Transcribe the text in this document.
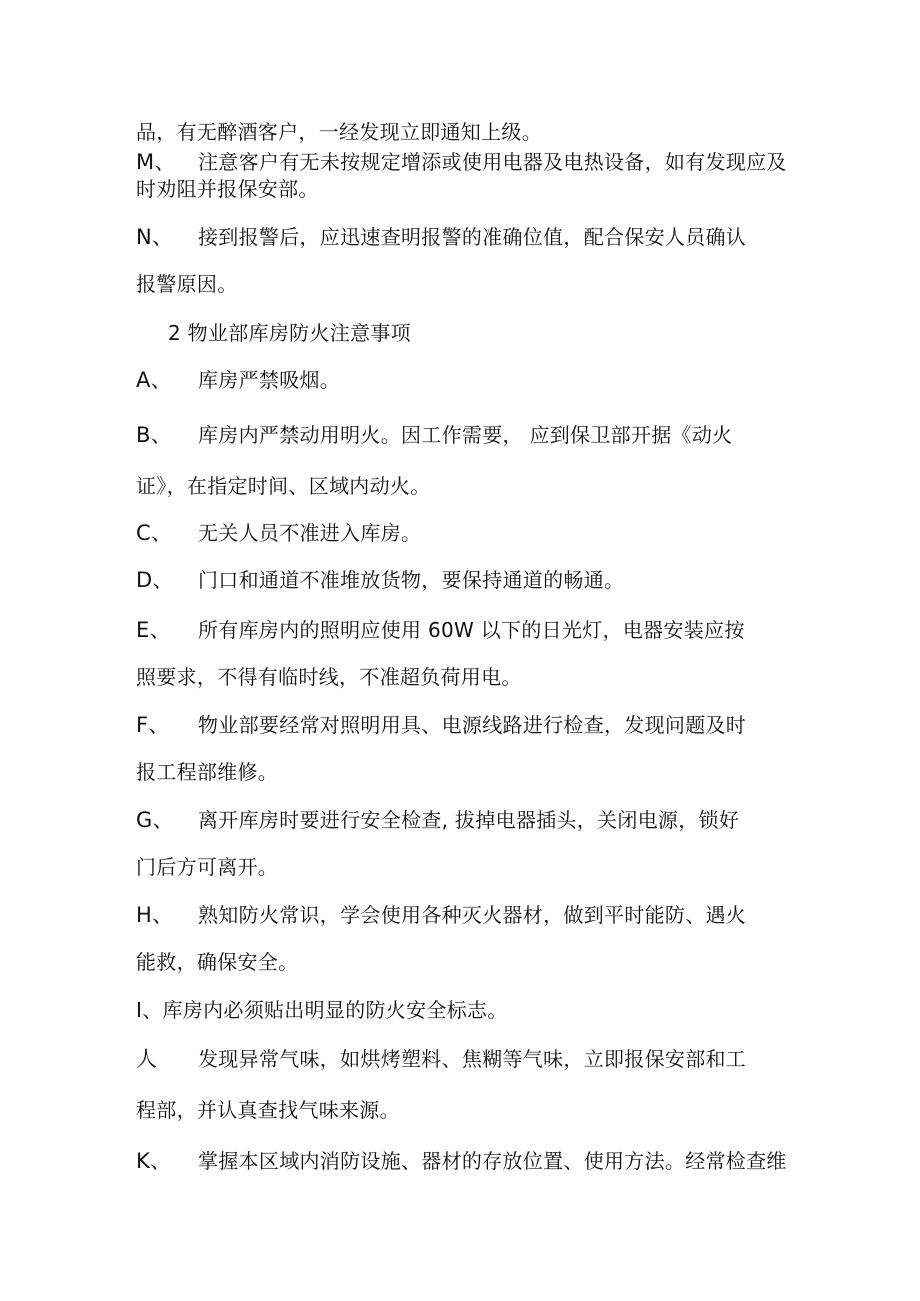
品，有无醉酒客户，一经发现立即通知上级。
M、 注意客户有无未按规定增添或使用电器及电热设备，如有发现应及
时劝阻并报保安部。
N、 接到报警后，应迅速查明报警的准确位值，配合保安人员确认
报警原因。
2 物业部库房防火注意事项
A、 库房严禁吸烟。
B、 库房内严禁动用明火。因工作需要， 应到保卫部开据《动火
证》，在指定时间、区域内动火。
C、 无关人员不准进入库房。
D、 门口和通道不准堆放货物，要保持通道的畅通。
E、 所有库房内的照明应使用 60W 以下的日光灯，电器安装应按
照要求，不得有临时线，不准超负荷用电。
F、 物业部要经常对照明用具、电源线路进行检查，发现问题及时
报工程部维修。
G、 离开库房时要进行安全检查, 拔掉电器插头，关闭电源，锁好
门后方可离开。
H、 熟知防火常识，学会使用各种灭火器材，做到平时能防、遇火
能救，确保安全。
I、库房内必须贴出明显的防火安全标志。
人 发现异常气味，如烘烤塑料、焦糊等气味，立即报保安部和工
程部，并认真查找气味来源。
K、 掌握本区域内消防设施、器材的存放位置、使用方法。经常检查维
